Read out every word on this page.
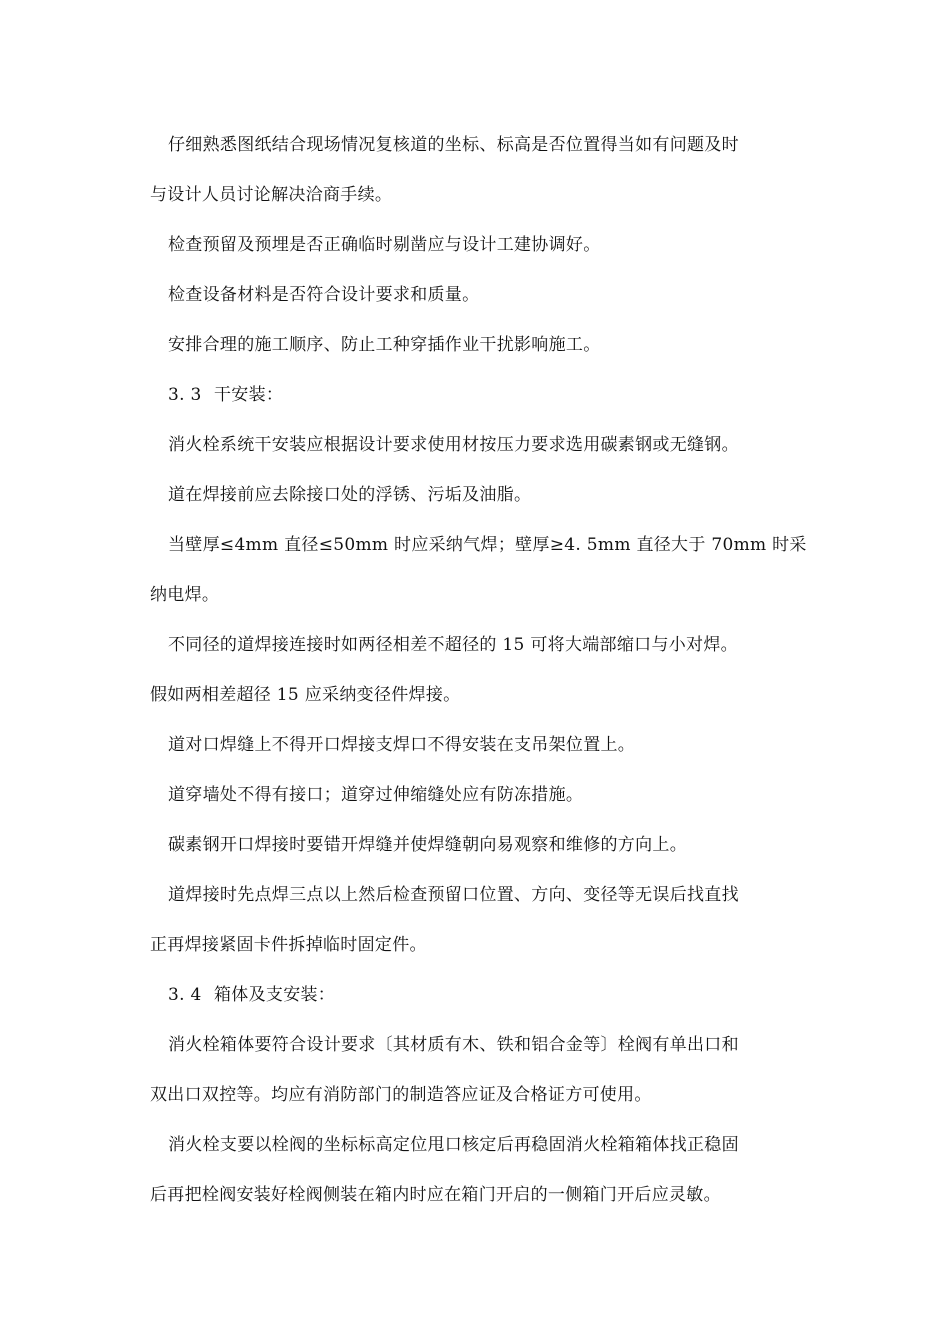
仔细熟悉图纸结合现场情况复核道的坐标、标高是否位置得当如有问题及时
与设计人员讨论解决洽商手续。
检查预留及预埋是否正确临时剔凿应与设计工建协调好。
检查设备材料是否符合设计要求和质量。
安排合理的施工顺序、防止工种穿插作业干扰影响施工。
3. 3 干安装：
消火栓系统干安装应根据设计要求使用材按压力要求选用碳素钢或无缝钢。
道在焊接前应去除接口处的浮锈、污垢及油脂。
当壁厚≤4mm 直径≤50mm 时应采纳气焊；壁厚≥4. 5mm 直径大于 70mm 时采
纳电焊。
不同径的道焊接连接时如两径相差不超径的 15 可将大端部缩口与小对焊。
假如两相差超径 15 应采纳变径件焊接。
道对口焊缝上不得开口焊接支焊口不得安装在支吊架位置上。
道穿墙处不得有接口；道穿过伸缩缝处应有防冻措施。
碳素钢开口焊接时要错开焊缝并使焊缝朝向易观察和维修的方向上。
道焊接时先点焊三点以上然后检查预留口位置、方向、变径等无误后找直找
正再焊接紧固卡件拆掉临时固定件。
3. 4 箱体及支安装：
消火栓箱体要符合设计要求〔其材质有木、铁和铝合金等〕栓阀有单出口和
双出口双控等。均应有消防部门的制造答应证及合格证方可使用。
消火栓支要以栓阀的坐标标高定位甩口核定后再稳固消火栓箱箱体找正稳固
后再把栓阀安装好栓阀侧装在箱内时应在箱门开启的一侧箱门开后应灵敏。
